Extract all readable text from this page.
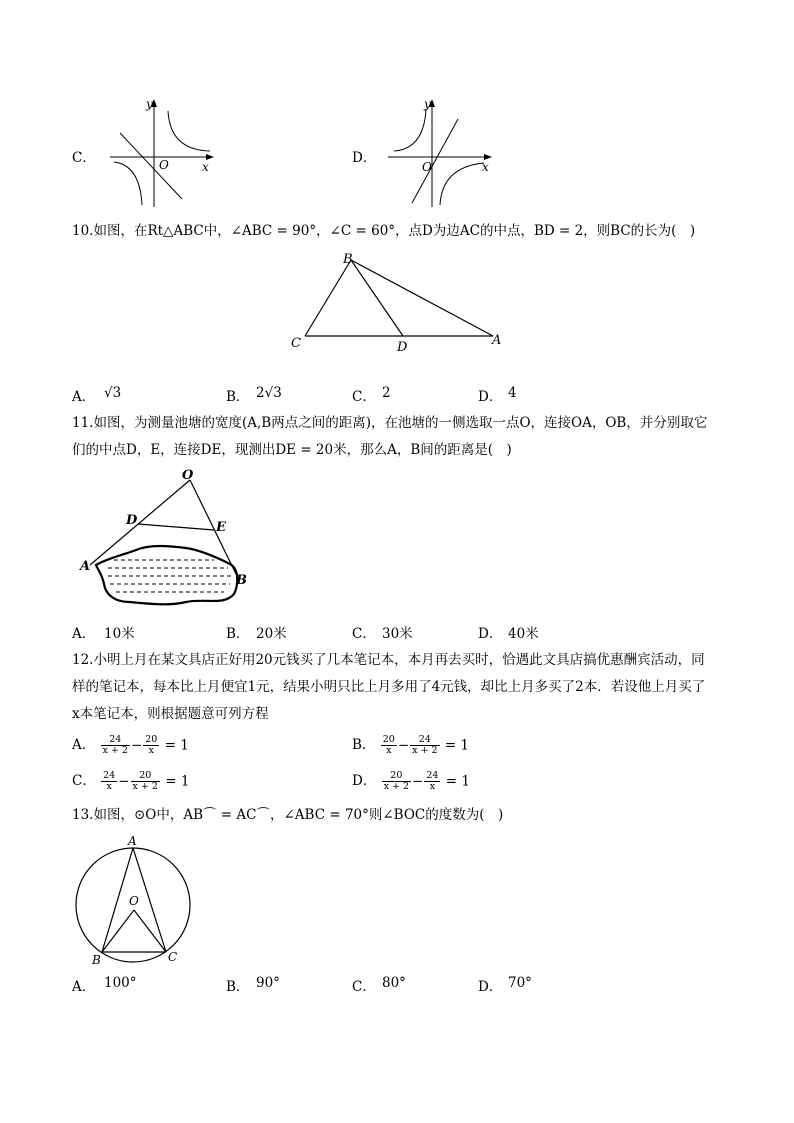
C．
y
x
O	D．
y
x
O
10.如图，在Rt△ABC中，∠ABC = 90°，∠C = 60°，点D为边AC的中点，BD = 2，则BC的长为(　)
B
C	D	A
A． √3	B． 2√3	C． 2	D． 4
11.如图，为测量池塘的宽度(A,B两点之间的距离)，在池塘的一侧选取一点O，连接OA，OB，并分别取它
们的中点D，E，连接DE，现测出DE = 20米，那么A，B间的距离是(　)
O
D	E
A
B
A． 10米	B． 20米	C． 30米	D． 40米
12.小明上月在某文具店正好用20元钱买了几本笔记本，本月再去买时，恰遇此文具店搞优惠酬宾活动，同
样的笔记本，每本比上月便宜1元，结果小明只比上月多用了4元钱，却比上月多买了2本．若设他上月买了
x本笔记本，则根据题意可列方程
A． $\frac{24}{x + 2} - \frac{20}{x} = 1$	B． $\frac{20}{x} - \frac{24}{x + 2} = 1$
C． $\frac{24}{x} - \frac{20}{x + 2} = 1$	D． $\frac{20}{x + 2} - \frac{24}{x} = 1$
13.如图，⊙O中，AB⌒ = AC⌒，∠ABC = 70°则∠BOC的度数为(　)
A
O
B	C
A． 100°	B． 90°	C． 80°	D． 70°
